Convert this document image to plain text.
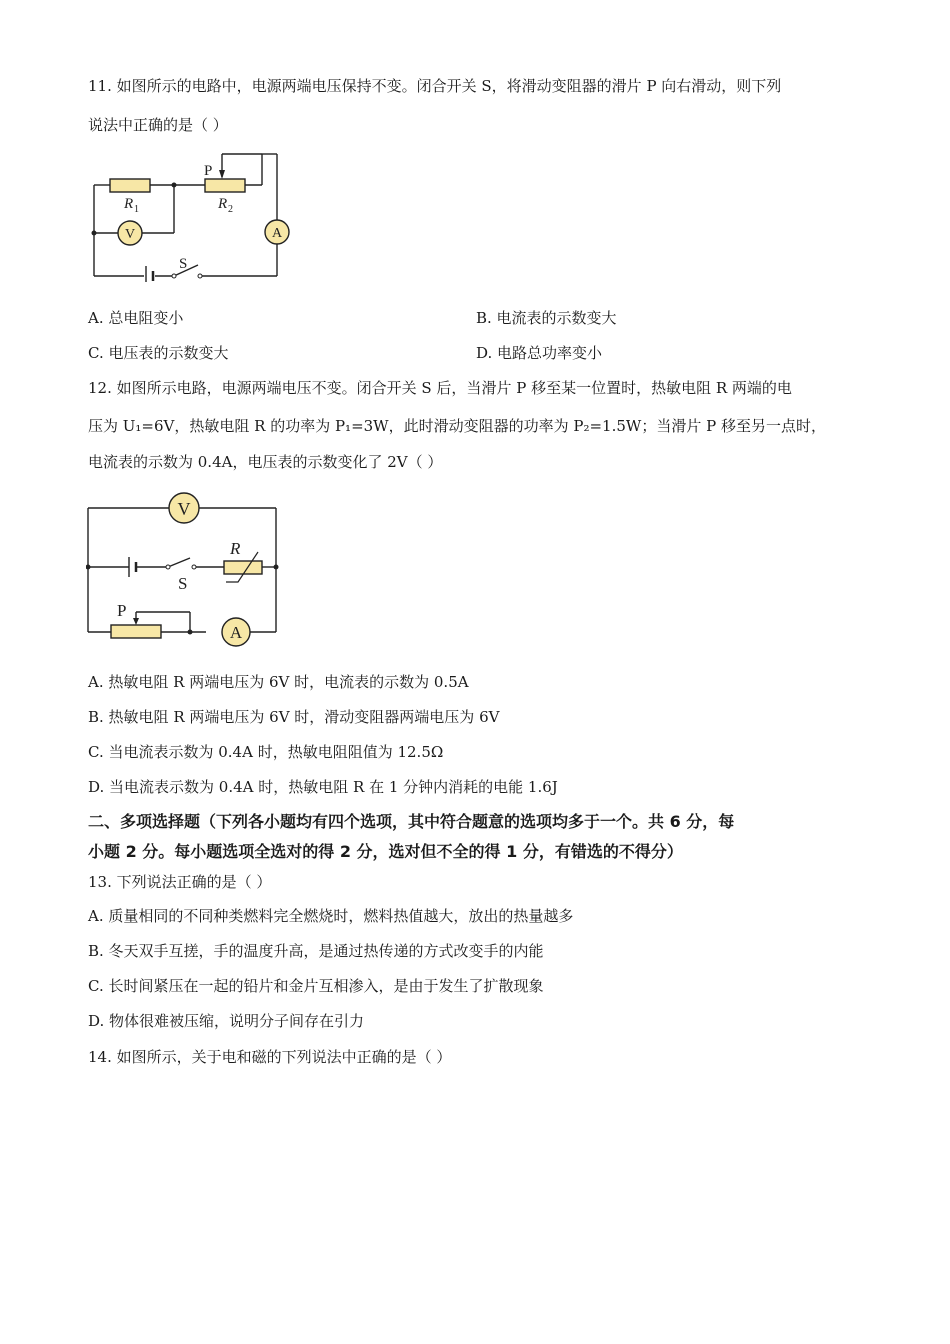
11. 如图所示的电路中，电源两端电压保持不变。闭合开关 S，将滑动变阻器的滑片 P 向右滑动，则下列
说法中正确的是（ ）
P
R 1	R 2
V	A
S
A. 总电阻变小	B. 电流表的示数变大
C. 电压表的示数变大	D. 电路总功率变小
12. 如图所示电路，电源两端电压不变。闭合开关 S 后，当滑片 P 移至某一位置时，热敏电阻 R 两端的电
压为 U₁=6V，热敏电阻 R 的功率为 P₁=3W，此时滑动变阻器的功率为 P₂=1.5W；当滑片 P 移至另一点时，
电流表的示数为 0.4A，电压表的示数变化了 2V（ ）
V
R
S
P
A
A. 热敏电阻 R 两端电压为 6V 时，电流表的示数为 0.5A
B. 热敏电阻 R 两端电压为 6V 时，滑动变阻器两端电压为 6V
C. 当电流表示数为 0.4A 时，热敏电阻阻值为 12.5Ω
D. 当电流表示数为 0.4A 时，热敏电阻 R 在 1 分钟内消耗的电能 1.6J
二、多项选择题（下列各小题均有四个选项，其中符合题意的选项均多于一个。共 6 分，每
小题 2 分。每小题选项全选对的得 2 分，选对但不全的得 1 分，有错选的不得分）
13. 下列说法正确的是（ ）
A. 质量相同的不同种类燃料完全燃烧时，燃料热值越大，放出的热量越多
B. 冬天双手互搓，手的温度升高，是通过热传递的方式改变手的内能
C. 长时间紧压在一起的铅片和金片互相渗入，是由于发生了扩散现象
D. 物体很难被压缩，说明分子间存在引力
14. 如图所示，关于电和磁的下列说法中正确的是（ ）
